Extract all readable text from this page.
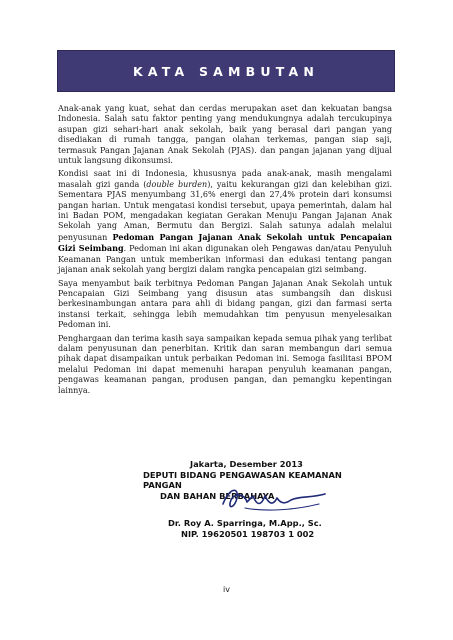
KATA SAMBUTAN

Anak-anak yang kuat, sehat dan cerdas merupakan aset dan kekuatan bangsa Indonesia. Salah satu faktor penting yang mendukungnya adalah tercukupinya asupan gizi sehari-hari anak sekolah, baik yang berasal dari pangan yang disediakan di rumah tangga, pangan olahan terkemas, pangan siap saji, termasuk Pangan Jajanan Anak Sekolah (PJAS). dan pangan jajanan yang dijual untuk langsung dikonsumsi.

Kondisi saat ini di Indonesia, khususnya pada anak-anak, masih mengalami masalah gizi ganda (double burden), yaitu kekurangan gizi dan kelebihan gizi. Sementara PJAS menyumbang 31,6% energi dan 27,4% protein dari konsumsi pangan harian. Untuk mengatasi kondisi tersebut, upaya pemerintah, dalam hal ini Badan POM, mengadakan kegiatan Gerakan Menuju Pangan Jajanan Anak Sekolah yang Aman, Bermutu dan Bergizi. Salah satunya adalah melalui penyusunan Pedoman Pangan Jajanan Anak Sekolah untuk Pencapaian Gizi Seimbang. Pedoman ini akan digunakan oleh Pengawas dan/atau Penyuluh Keamanan Pangan untuk memberikan informasi dan edukasi tentang pangan jajanan anak sekolah yang bergizi dalam rangka pencapaian gizi seimbang.

Saya menyambut baik terbitnya Pedoman Pangan Jajanan Anak Sekolah untuk Pencapaian Gizi Seimbang yang disusun atas sumbangsih dan diskusi berkesinambungan antara para ahli di bidang pangan, gizi dan farmasi serta instansi terkait, sehingga lebih memudahkan tim penyusun menyelesaikan Pedoman ini.

Penghargaan dan terima kasih saya sampaikan kepada semua pihak yang terlibat dalam penyusunan dan penerbitan. Kritik dan saran membangun dari semua pihak dapat disampaikan untuk perbaikan Pedoman ini. Semoga fasilitasi BPOM melalui Pedoman ini dapat memenuhi harapan penyuluh keamanan pangan, pengawas keamanan pangan, produsen pangan, dan pemangku kepentingan lainnya.

Jakarta, Desember 2013
DEPUTI BIDANG PENGAWASAN KEAMANAN PANGAN
DAN BAHAN BERBAHAYA
Dr. Roy A. Sparringa, M.App., Sc.
NIP. 19620501 198703 1 002
iv
